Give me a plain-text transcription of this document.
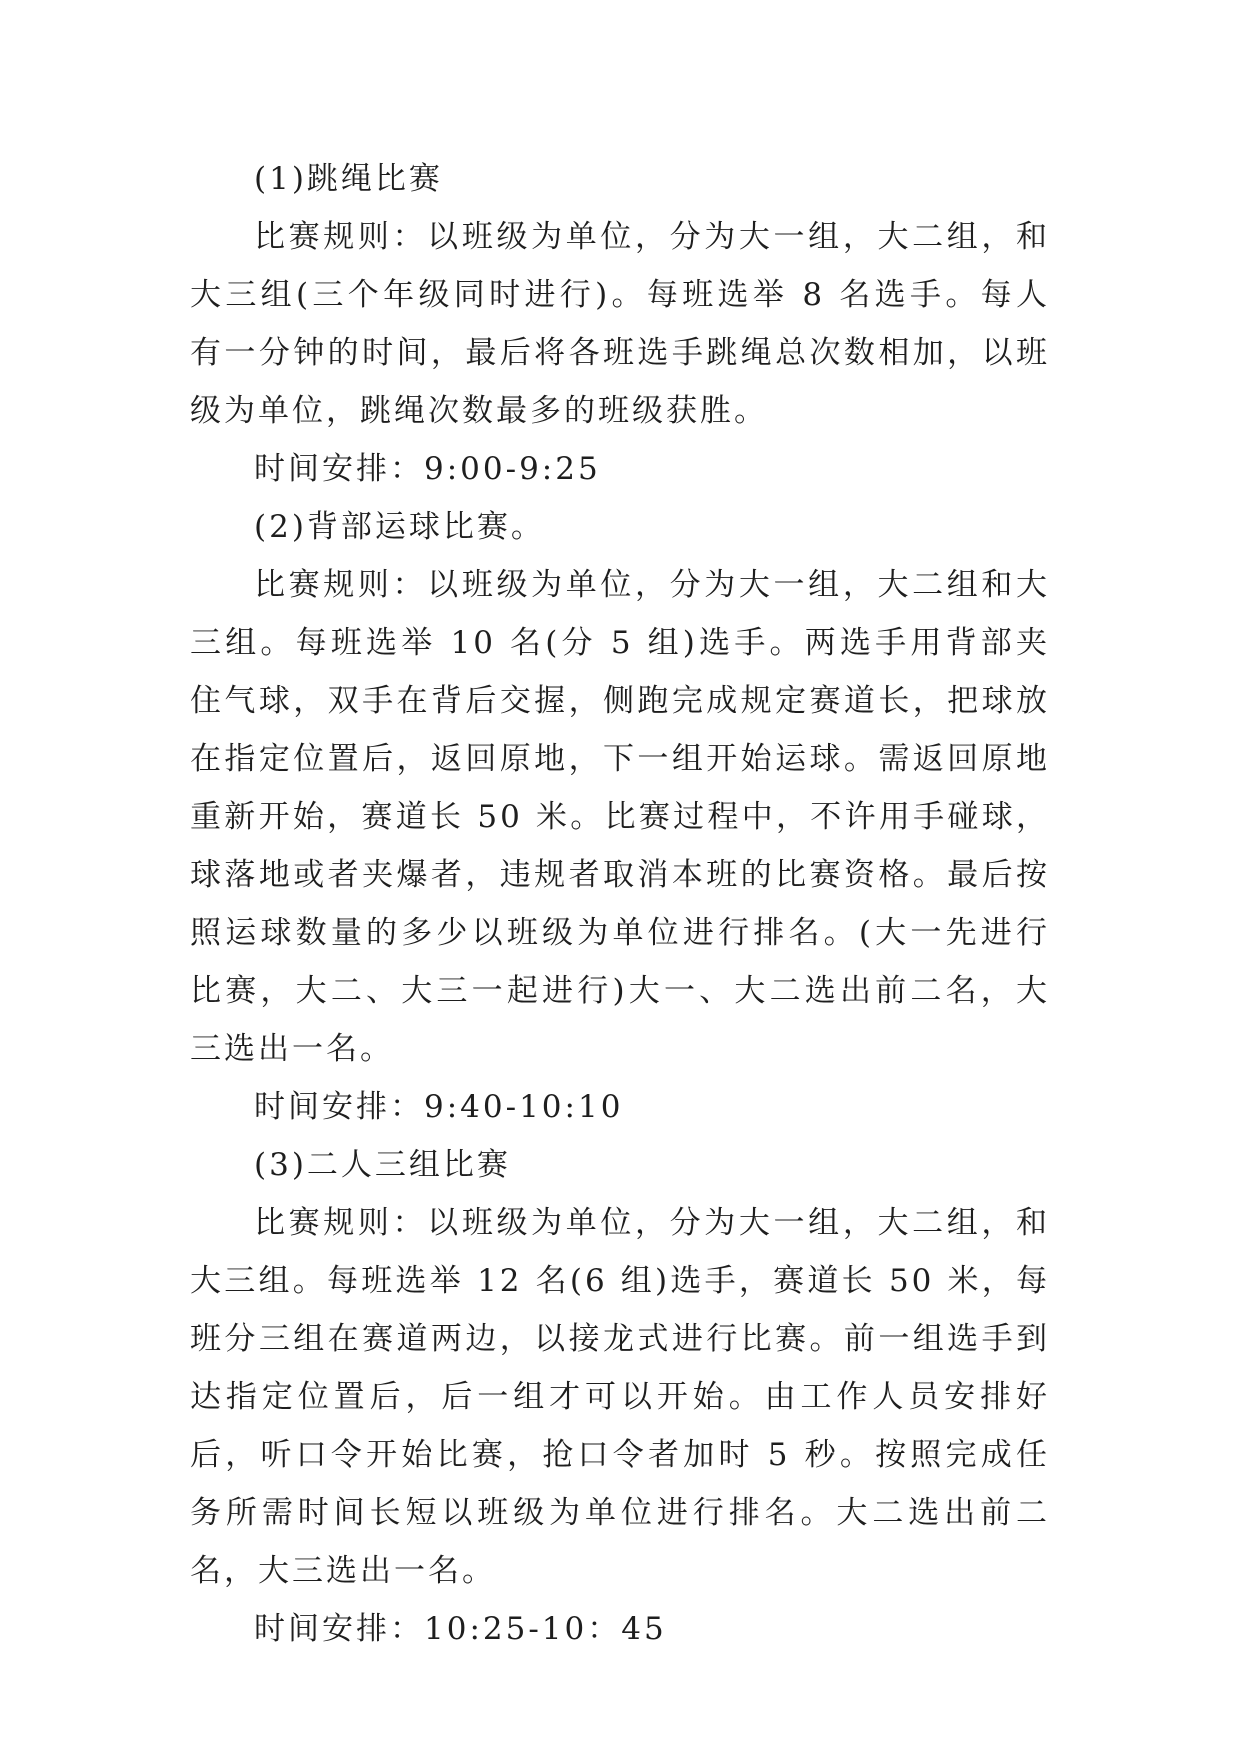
(1)跳绳比赛

比赛规则：以班级为单位，分为大一组，大二组，和大三组(三个年级同时进行)。每班选举 8 名选手。每人有一分钟的时间，最后将各班选手跳绳总次数相加，以班级为单位，跳绳次数最多的班级获胜。

时间安排：9:00-9:25

(2)背部运球比赛。

比赛规则：以班级为单位，分为大一组，大二组和大三组。每班选举 10 名(分 5 组)选手。两选手用背部夹住气球，双手在背后交握，侧跑完成规定赛道长，把球放在指定位置后，返回原地，下一组开始运球。需返回原地重新开始，赛道长 50 米。比赛过程中，不许用手碰球，球落地或者夹爆者，违规者取消本班的比赛资格。最后按照运球数量的多少以班级为单位进行排名。(大一先进行比赛，大二、大三一起进行)大一、大二选出前二名，大三选出一名。

时间安排：9:40-10:10

(3)二人三组比赛

比赛规则：以班级为单位，分为大一组，大二组，和大三组。每班选举 12 名(6 组)选手，赛道长 50 米，每班分三组在赛道两边，以接龙式进行比赛。前一组选手到达指定位置后，后一组才可以开始。由工作人员安排好后，听口令开始比赛，抢口令者加时 5 秒。按照完成任务所需时间长短以班级为单位进行排名。大二选出前二名，大三选出一名。

时间安排：10:25-10：45
